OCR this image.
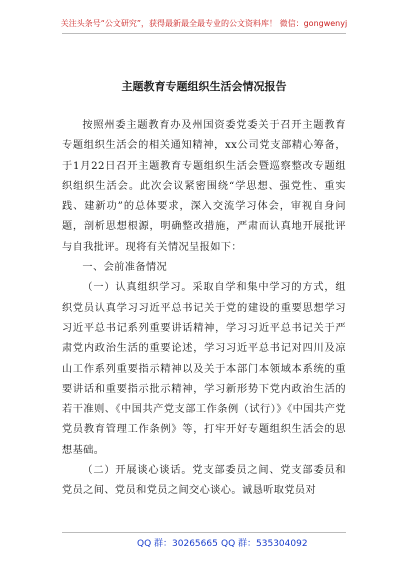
关注头条号“公文研究”，获得最新最全最专业的公文资料库！ 微信：gongwenyj
主题教育专题组织生活会情况报告

按照州委主题教育办及州国资委党委关于召开主题教育专题组织生活会的相关通知精神，xx公司党支部精心筹备，于1月22日召开主题教育专题组织生活会暨巡察整改专题组织组织生活会。此次会议紧密围绕“学思想、强党性、重实践、建新功”的总体要求，深入交流学习体会，审视自身问题，剖析思想根源，明确整改措施，严肃而认真地开展批评与自我批评。现将有关情况呈报如下：

一、会前准备情况

（一）认真组织学习。采取自学和集中学习的方式，组织党员认真学习习近平总书记关于党的建设的重要思想学习习近平总书记系列重要讲话精神，学习习近平总书记关于严肃党内政治生活的重要论述，学习习近平总书记对四川及凉山工作系列重要指示精神以及关于本部门本领域本系统的重要讲话和重要指示批示精神，学习新形势下党内政治生活的若干准则、《中国共产党支部工作条例（试行）》《中国共产党党员教育管理工作条例》等，打牢开好专题组织生活会的思想基础。

（二）开展谈心谈话。党支部委员之间、党支部委员和党员之间、党员和党员之间交心谈心。诚恳听取党员对

QQ 群：30265665 QQ 群：535304092
